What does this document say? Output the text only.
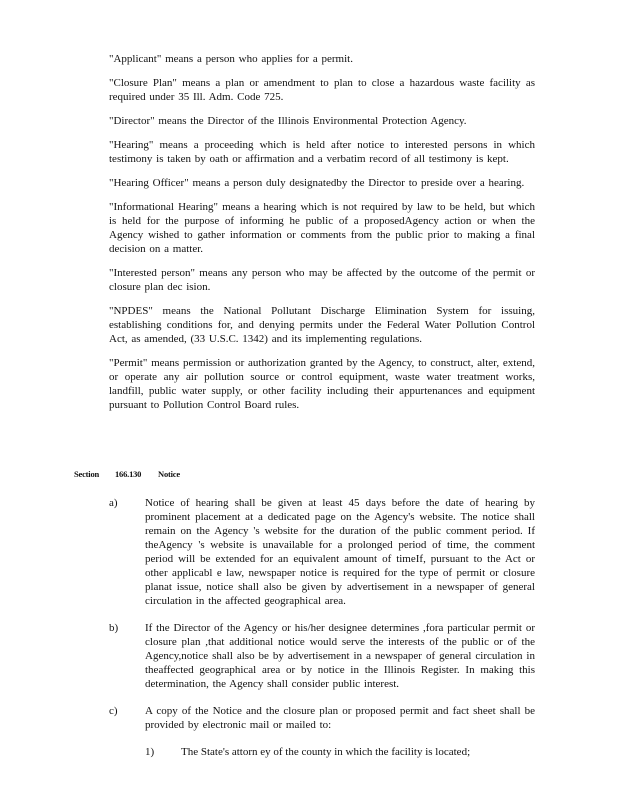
"Applicant" means a person who applies for a permit.

"Closure Plan" means a plan or amendment to plan to close a hazardous waste facility as required under 35 Ill. Adm. Code 725.

"Director" means the Director of the Illinois Environmental Protection Agency.

"Hearing" means a proceeding which is held after notice to interested persons in which testimony is taken by oath or affirmation and a verbatim record of all testimony is kept.

"Hearing Officer" means a person duly designatedby the Director to preside over a hearing.

"Informational Hearing" means a hearing which is not required by law to be held, but which is held for the purpose of informing he public of a proposedAgency action or when the Agency wished to gather information or comments from the public prior to making a final decision on a matter.

"Interested person" means any person who may be affected by the outcome of the permit or closure plan dec ision.

"NPDES" means the National Pollutant Discharge Elimination System for issuing, establishing conditions for, and denying permits under the Federal Water Pollution Control Act, as amended, (33 U.S.C. 1342) and its implementing regulations.

"Permit" means permission or authorization granted by the Agency, to construct, alter, extend, or operate any air pollution source or control equipment, waste water treatment works, landfill, public water supply, or other facility including their appurtenances and equipment pursuant to Pollution Control Board rules.

Section	166.130	Notice
a)	Notice of hearing shall be given at least 45 days before the date of hearing by prominent placement at a dedicated page on the Agency's website. The notice shall remain on the Agency 's website for the duration of the public comment period. If theAgency 's website is unavailable for a prolonged period of time, the comment period will be extended for an equivalent amount of timeIf, pursuant to the Act or other applicabl e law, newspaper notice is required for the type of permit or closure planat issue, notice shall also be given by advertisement in a newspaper of general circulation in the affected geographical area.
b)	If the Director of the Agency or his/her designee determines ,fora particular permit or closure plan ,that additional notice would serve the interests of the public or of the Agency,notice shall also be by advertisement in a newspaper of general circulation in theaffected geographical area or by notice in the Illinois Register. In making this determination, the Agency shall consider public interest.
c)	A copy of the Notice and the closure plan or proposed permit and fact sheet shall be provided by electronic mail or mailed to:
1)	The State's attorn ey of the county in which the facility is located;
